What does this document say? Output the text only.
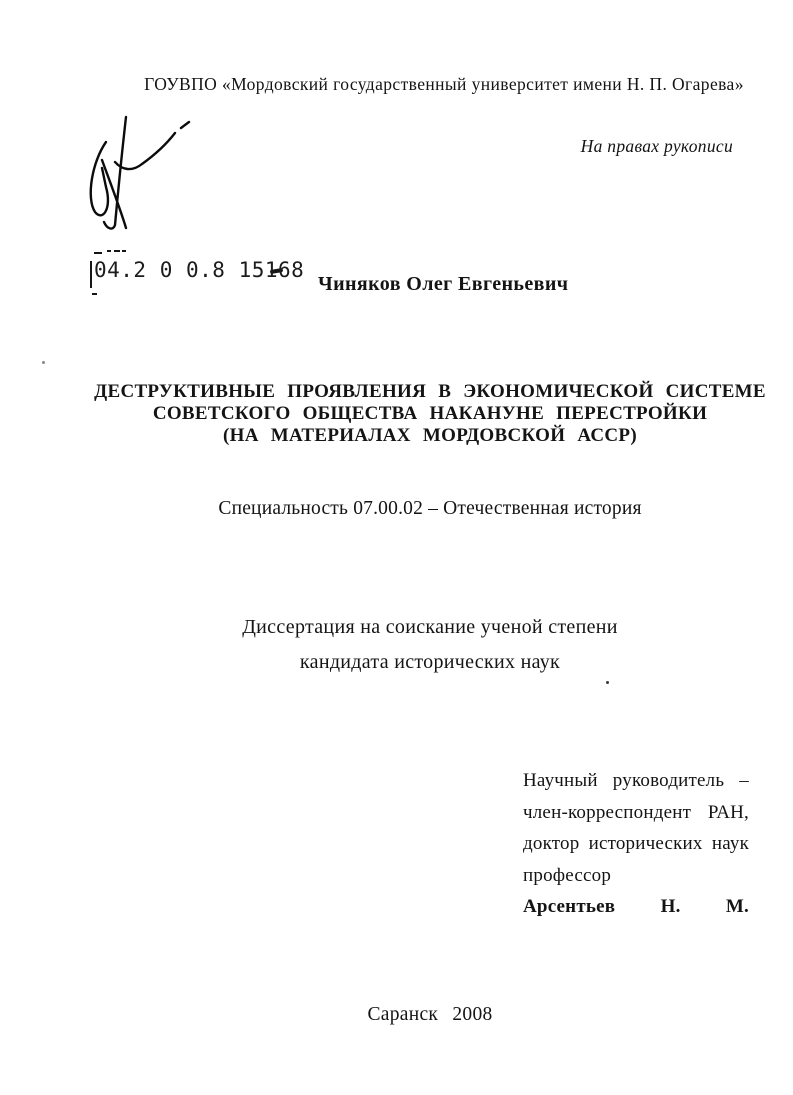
ГОУВПО «Мордовский государственный университет имени Н. П. Огарева»
На правах рукописи
04.2 0 0.8 15168
Чиняков Олег Евгеньевич
ДЕСТРУКТИВНЫЕ ПРОЯВЛЕНИЯ В ЭКОНОМИЧЕСКОЙ СИСТЕМЕ
СОВЕТСКОГО ОБЩЕСТВА НАКАНУНЕ ПЕРЕСТРОЙКИ
(НА МАТЕРИАЛАХ МОРДОВСКОЙ АССР)
Специальность 07.00.02 – Отечественная история
Диссертация на соискание ученой степени
кандидата исторических наук
Научный руководитель –
член-корреспондент РАН,
доктор исторических наук
профессор Арсентьев Н. М.
Саранск 2008
